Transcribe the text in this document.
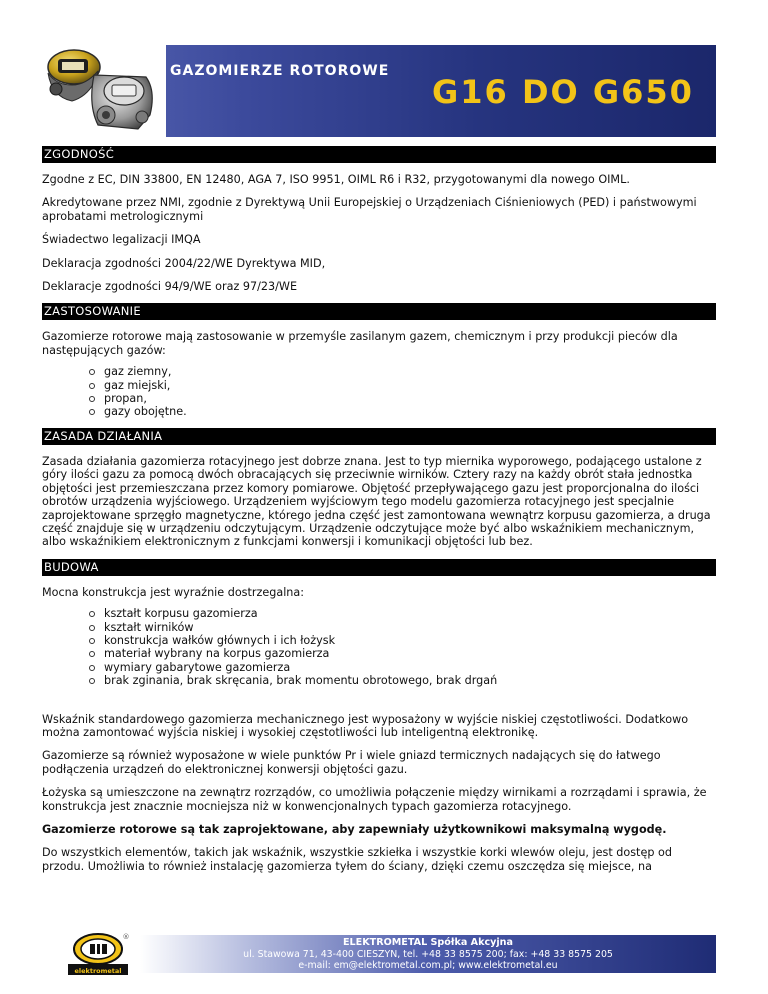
GAZOMIERZE ROTOROWE
G16 DO G650
ZGODNOŚĆ

Zgodne z EC, DIN 33800, EN 12480, AGA 7, ISO 9951, OIML R6 i R32, przygotowanymi dla nowego OIML.

Akredytowane przez NMI, zgodnie z Dyrektywą Unii Europejskiej o Urządzeniach Ciśnieniowych (PED) i państwowymi aprobatami metrologicznymi

Świadectwo legalizacji IMQA

Deklaracja zgodności 2004/22/WE Dyrektywa MID,

Deklaracje zgodności 94/9/WE oraz 97/23/WE

ZASTOSOWANIE

Gazomierze rotorowe mają zastosowanie w przemyśle zasilanym gazem, chemicznym i przy produkcji pieców dla następujących gazów:

gaz ziemny,
gaz miejski,
propan,
gazy obojętne.
ZASADA DZIAŁANIA

Zasada działania gazomierza rotacyjnego jest dobrze znana. Jest to typ miernika wyporowego, podającego ustalone z góry ilości gazu za pomocą dwóch obracających się przeciwnie wirników. Cztery razy na każdy obrót stała jednostka objętości jest przemieszczana przez komory pomiarowe. Objętość przepływającego gazu jest proporcjonalna do ilości obrotów urządzenia wyjściowego. Urządzeniem wyjściowym tego modelu gazomierza rotacyjnego jest specjalnie zaprojektowane sprzęgło magnetyczne, którego jedna część jest zamontowana wewnątrz korpusu gazomierza, a druga część znajduje się w urządzeniu odczytującym. Urządzenie odczytujące może być albo wskaźnikiem mechanicznym, albo wskaźnikiem elektronicznym z funkcjami konwersji i komunikacji objętości lub bez.

BUDOWA

Mocna konstrukcja jest wyraźnie dostrzegalna:

kształt korpusu gazomierza
kształt wirników
konstrukcja wałków głównych i ich łożysk
materiał wybrany na korpus gazomierza
wymiary gabarytowe gazomierza
brak zginania, brak skręcania, brak momentu obrotowego, brak drgań

Wskaźnik standardowego gazomierza mechanicznego jest wyposażony w wyjście niskiej częstotliwości. Dodatkowo można zamontować wyjścia niskiej i wysokiej częstotliwości lub inteligentną elektronikę.

Gazomierze są również wyposażone w wiele punktów Pr i wiele gniazd termicznych nadających się do łatwego podłączenia urządzeń do elektronicznej konwersji objętości gazu.

Łożyska są umieszczone na zewnątrz rozrządów, co umożliwia połączenie między wirnikami a rozrządami i sprawia, że konstrukcja jest znacznie mocniejsza niż w konwencjonalnych typach gazomierza rotacyjnego.

Gazomierze rotorowe są tak zaprojektowane, aby zapewniały użytkownikowi maksymalną wygodę.

Do wszystkich elementów, takich jak wskaźnik, wszystkie szkiełka i wszystkie korki wlewów oleju, jest dostęp od przodu. Umożliwia to również instalację gazomierza tyłem do ściany, dzięki czemu oszczędza się miejsce, na

elektrometal
®	ELEKTROMETAL Spółka Akcyjna
ul. Stawowa 71, 43-400 CIESZYN, tel. +48 33 8575 200; fax: +48 33 8575 205
e-mail: em@elektrometal.com.pl; www.elektrometal.eu
